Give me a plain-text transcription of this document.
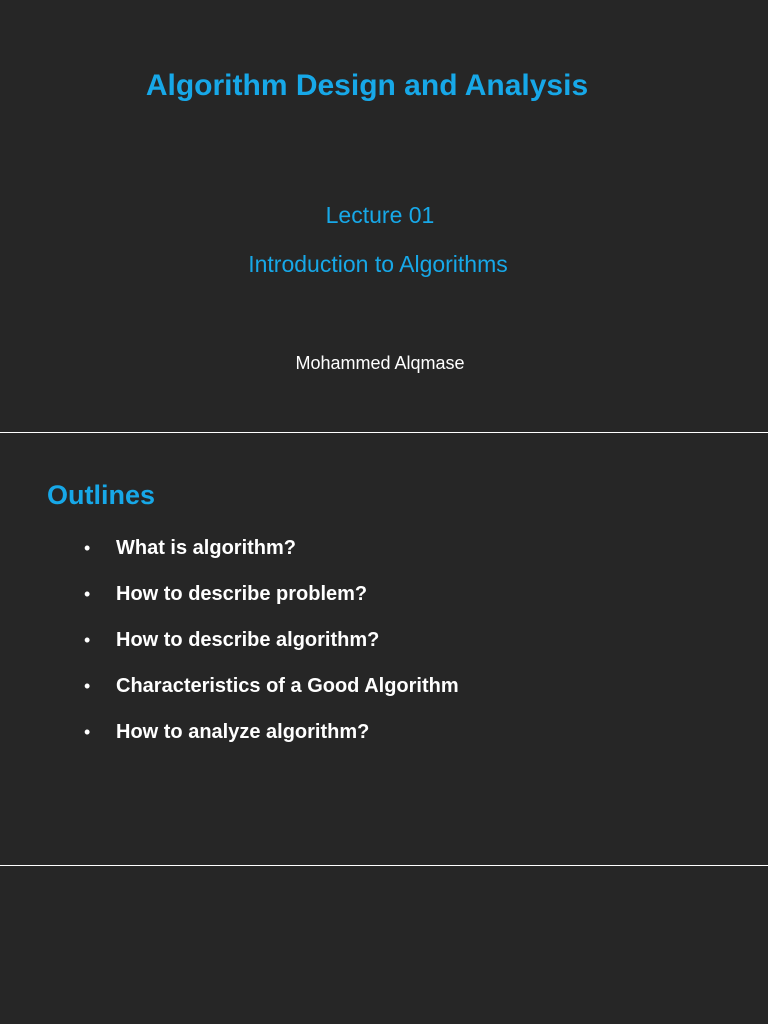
Algorithm Design and Analysis
Lecture 01
Introduction to Algorithms
Mohammed Alqmase
Outlines
•	What is algorithm?
•	How to describe problem?
•	How to describe algorithm?
•	Characteristics of a Good Algorithm
•	How to analyze algorithm?
